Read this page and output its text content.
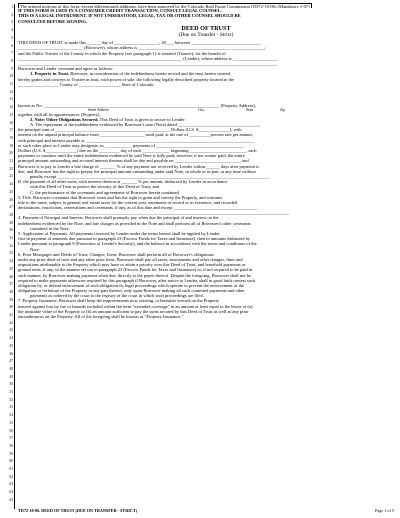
1
2
3
4
5
6
7
8
9
10
11
12
13
14
15
16
17
18
19
20
21
22
23
24
25
26
27
28
29
30
31
32
33
34
35
36
37
38
39
40
41
42
43
44
45
46
47
48
49
50
51
52
53
54
55
56
57
58
59
60
61
62
63
64
65
The printed portions of this form, except differentiated additions, have been approved by the Colorado Real Estate Commission (TD72-10-06) (Mandatory 1-07)
IF THIS FORM IS USED IN A CONSUMER CREDIT TRANSACTION, CONSULT LEGAL COUNSEL.
THIS IS A LEGAL INSTRUMENT. IF NOT UNDERSTOOD, LEGAL, TAX OR OTHER COUNSEL SHOULD BE
CONSULTED BEFORE SIGNING.
DEED OF TRUST
(Due on Transfer - Strict)
THIS DEED OF TRUST is made this ______ day of ____________________, 20___, between _______________________________
_____________________________ (Borrower), whose address is ________________________________________________________;
and the Public Trustee of the County in which the Property (see paragraph 1) is situated (Trustee); for the benefit of
_________________________________________________________________________ (Lender), whose address is ____________________
___________________________________________________________________________________________________________________.
Borrower and Lender covenant and agree as follows:
1. Property in Trust. Borrower, in consideration of the indebtedness herein recited and the trust herein created,
hereby grants and conveys to Trustee in trust, with power of sale, the following legally described property located in the
__________________ County of __________________, State of Colorado:
known as No. ______________________________________________________________________________ (Property Address),
Street Address	City	State	Zip
together with all its appurtenances (Property).
2. Note: Other Obligations Secured. This Deed of Trust is given to secure to Lender:
A. The repayment of the indebtedness evidenced by Borrower's note (Note) dated ____________________________________,
the principal sum of ___________________________________________________ Dollars (U.S. $______________), with
interest on the unpaid principal balance from ____________________ until paid, at the rate of _________ percent rate per annum,
with principal and interest payable at ___________________________________________________________________________
or such other place as Lender may designate, in ____________ payments of _______________________________________
Dollars (U.S. $______________) due on the _________ day of each ____________ beginning _________________________, such
payments to continue until the entire indebtedness evidenced by said Note is fully paid; however, if not sooner paid, the entire
principal amount outstanding and accrued interest thereon shall be due and payable on _____________________________, and
Borrower is to pay to Lender a late charge of _______ % of any payment not received by Lender within ______ days after payment is
due, and Borrower has the right to prepay the principal amount outstanding under said Note, in whole or in part, at any time without
penalty except ______________________________________________________________________________________________.
B. the payment of all other sums, with interest thereon at _______ % per annum, disbursed by Lender in accordance
with this Deed of Trust to protect the security of this Deed of Trust; and
C. the performance of the covenants and agreements of Borrower herein contained.
3. Title. Borrower covenants that Borrower owns and has the right to grant and convey the Property, and warrants
title to the same, subject to general real estate taxes for the current year, easements of record or in existence, and recorded
declarations, restrictions, reservations and covenants, if any, as of this date and except _____________________________________
___________________________________________________________________________________________________________________.
4. Payment of Principal and Interest. Borrower shall promptly pay when due the principal of and interest on the
indebtedness evidenced by the Note, and late charges as provided in the Note and shall perform all of Borrower's other covenants
contained in the Note.
5. Application of Payments. All payments received by Lender under the terms hereof shall be applied by Lender
first in payment of amounts due pursuant to paragraph 23 (Escrow Funds for Taxes and Insurance), then to amounts disbursed by
Lender pursuant to paragraph 9 (Protection of Lender's Security), and the balance in accordance with the terms and conditions of the
Note.
6. Prior Mortgages and Deeds of Trust; Charges; Liens. Borrower shall perform all of Borrower's obligations
under any prior deed of trust and any other prior liens. Borrower shall pay all taxes, assessments and other charges, fines and
impositions attributable to the Property which may have or attain a priority over this Deed of Trust, and leasehold payments or
ground rents, if any, in the manner set out in paragraph 23 (Escrow Funds for Taxes and Insurance) or, if not required to be paid in
such manner, by Borrower making payment when due, directly to the payee thereof. Despite the foregoing, Borrower shall not be
required to make payments otherwise required by this paragraph if Borrower, after notice to Lender, shall in good faith contest such
obligation by, or defend enforcement of such obligation in, legal proceedings which operate to prevent the enforcement of the
obligation or forfeiture of the Property or any part thereof, only upon Borrower making all such contested payments and other
payments as ordered by the court to the registry of the court in which such proceedings are filed.
7. Property Insurance. Borrower shall keep the improvements now existing, or hereafter erected on the Property
insured against loss by fire or hazards included within the term "extended coverage" in an amount at least equal to the lesser of (a)
the insurable value of the Property or (b) an amount sufficient to pay the sums secured by this Deed of Trust as well as any prior
encumbrances on the Property. All of the foregoing shall be known as "Property Insurance."
TD72-10-06. DEED OF TRUST (DUE ON TRANSFER - STRICT)	Page 1 of 5
